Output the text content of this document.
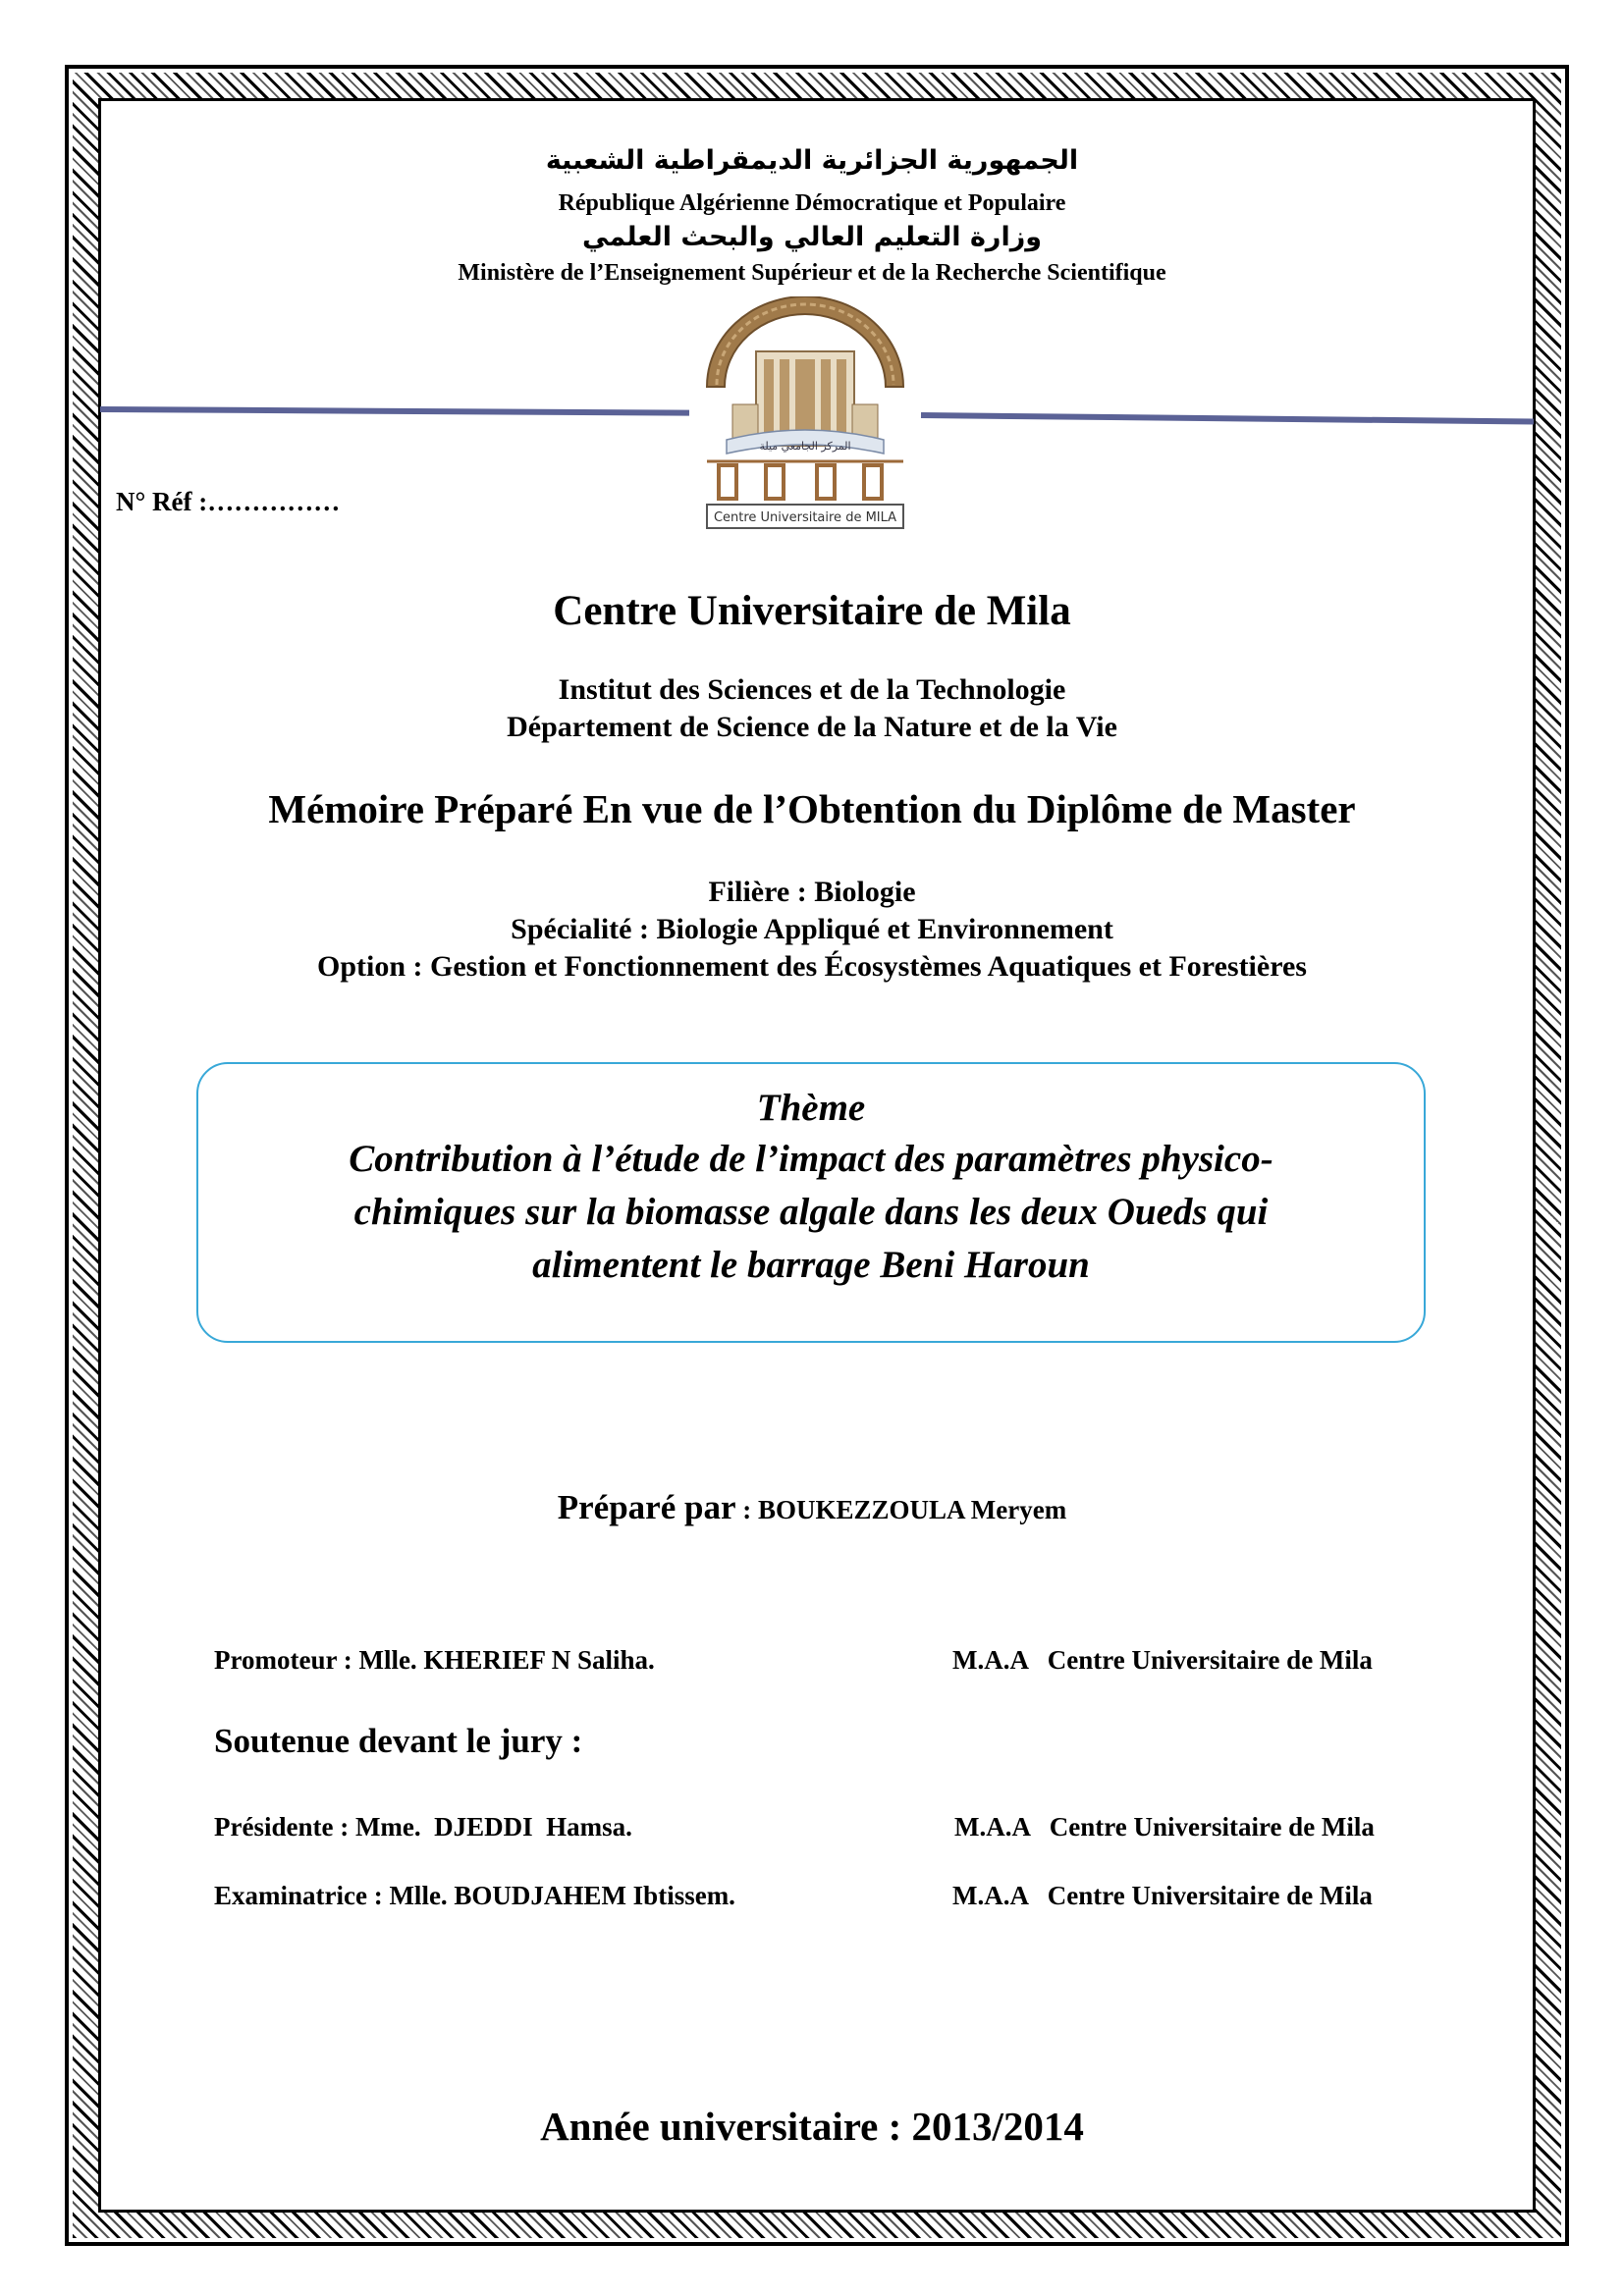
الجمهورية الجزائرية الديمقراطية الشعبية
République Algérienne Démocratique et Populaire
وزارة التعليم العالي والبحث العلمي
Ministère de l’Enseignement Supérieur et de la Recherche Scientifique
المركز الجامعي ميلة
Centre Universitaire de MILA
N° Réf :……………
Centre Universitaire de Mila
Institut des Sciences et de la Technologie
Département de Science de la Nature et de la Vie
Mémoire Préparé En vue de l’Obtention du Diplôme de Master
Filière : Biologie
Spécialité : Biologie Appliqué et Environnement
Option : Gestion et Fonctionnement des Écosystèmes Aquatiques et Forestières
Thème
Contribution à l’étude de l’impact des paramètres physico-
chimiques sur la biomasse algale dans les deux Oueds qui
alimentent le barrage Beni Haroun
Préparé par : BOUKEZZOULA Meryem
Promoteur : Mlle. KHERIEF N Saliha.	M.A.A   Centre Universitaire de Mila
Soutenue devant le jury :
Présidente : Mme.  DJEDDI  Hamsa.	M.A.A   Centre Universitaire de Mila
Examinatrice : Mlle. BOUDJAHEM Ibtissem.	M.A.A   Centre Universitaire de Mila
Année universitaire : 2013/2014
